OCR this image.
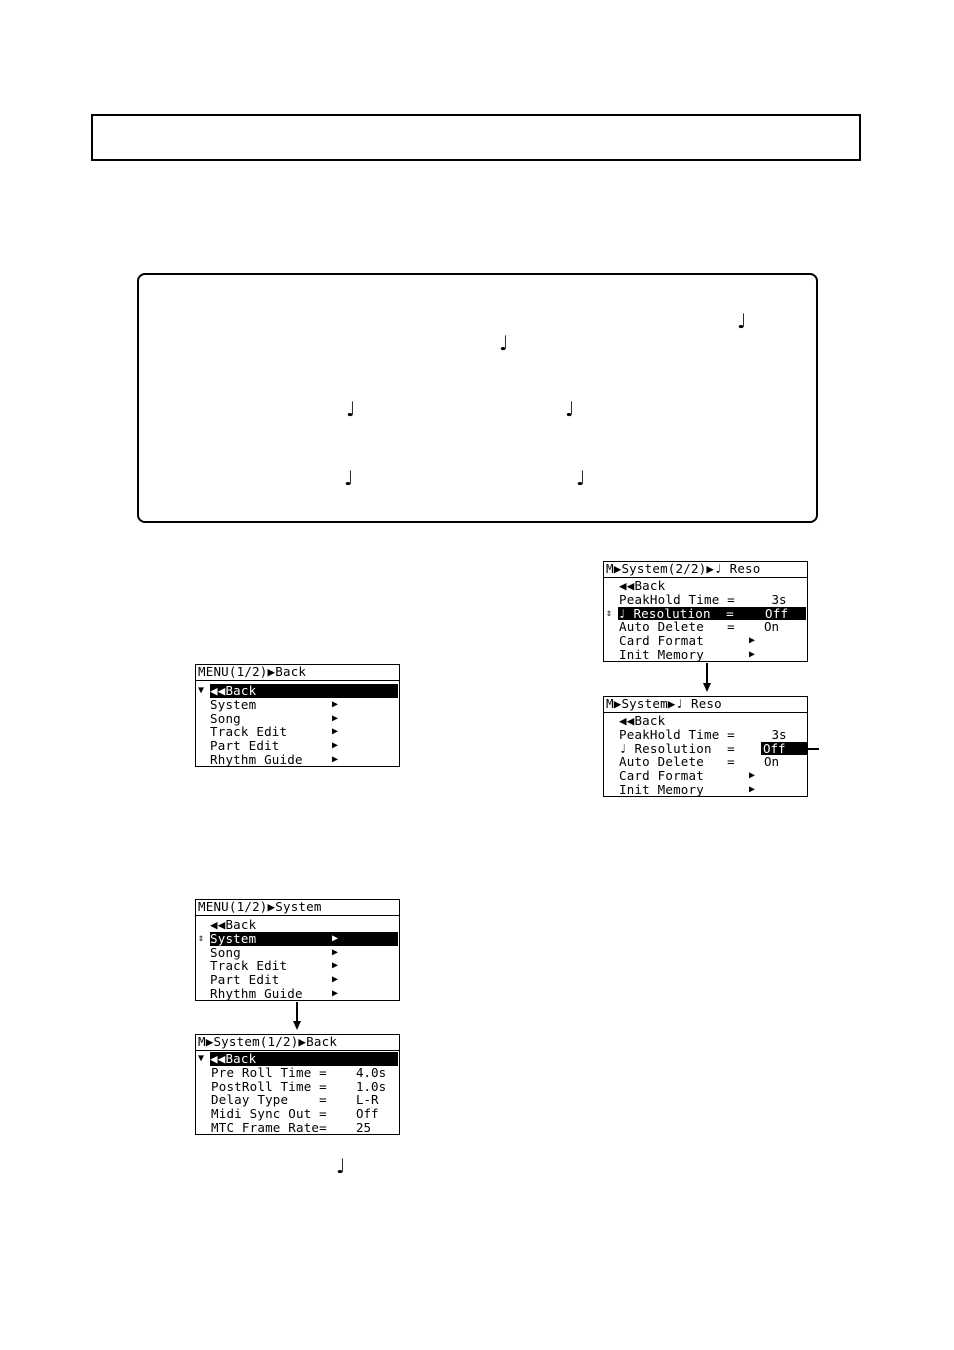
♩
♩
♩	♩
♩	♩
MENU(1/2)▶Back
▼ ◀◀Back
System	▶
Song	▶
Track Edit	▶
Part Edit	▶
Rhythm Guide	▶
MENU(1/2)▶System
◀◀Back
⇕ System	▶
Song	▶
Track Edit	▶
Part Edit	▶
Rhythm Guide	▶
M▶System(1/2)▶Back
▼ ◀◀Back
Pre Roll Time = 4.0s
PostRoll Time = 1.0s
Delay Type    = L-R
Midi Sync Out = Off
MTC Frame Rate= 25
♩
M▶System(2/2)▶♩ Reso
◀◀Back
PeakHold Time = 3s
⇕ ♩ Resolution  = Off
Auto Delete   = On
Card Format	▶
Init Memory	▶
M▶System▶♩ Reso
◀◀Back
PeakHold Time = 3s
♩ Resolution  = Off
Auto Delete   = On
Card Format	▶
Init Memory	▶
